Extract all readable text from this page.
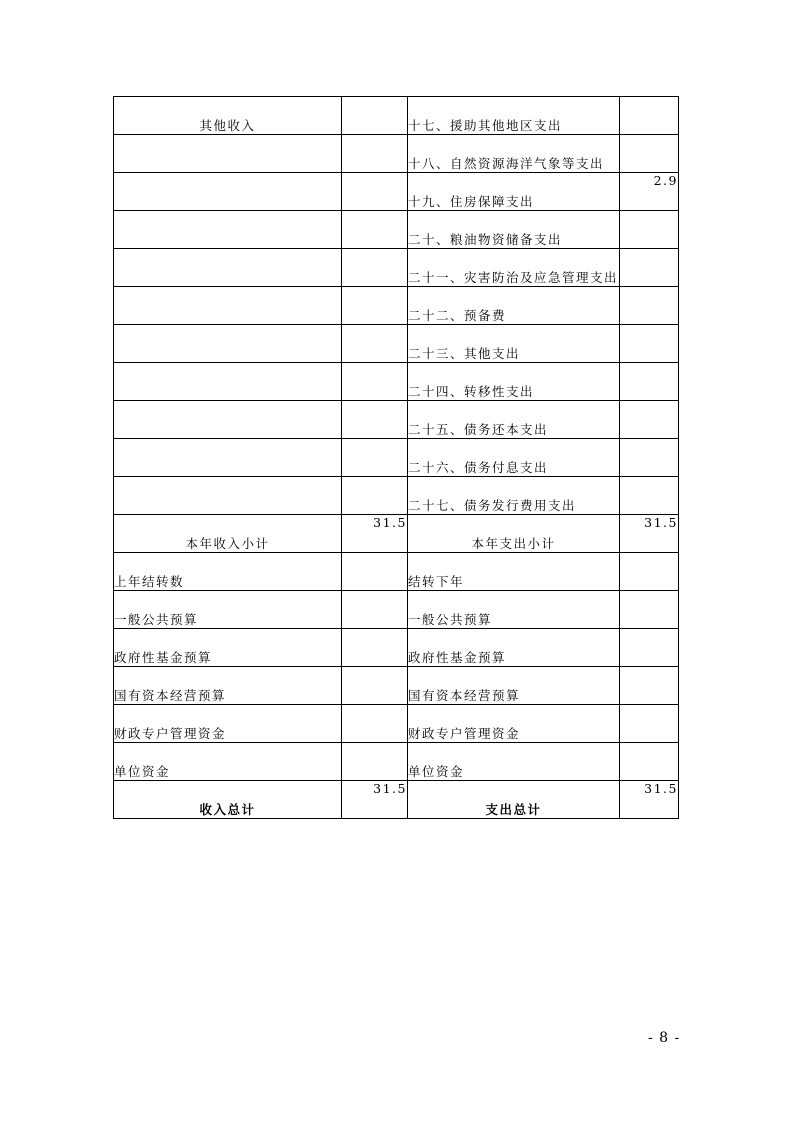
其他收入		十七、援助其他地区支出	
		十八、自然资源海洋气象等支出	
		十九、住房保障支出	2.9
		二十、粮油物资储备支出	
		二十一、灾害防治及应急管理支出	
		二十二、预备费	
		二十三、其他支出	
		二十四、转移性支出	
		二十五、债务还本支出	
		二十六、债务付息支出	
		二十七、债务发行费用支出	
本年收入小计	31.5	本年支出小计	31.5
上年结转数		结转下年	
一般公共预算		一般公共预算	
政府性基金预算		政府性基金预算	
国有资本经营预算		国有资本经营预算	
财政专户管理资金		财政专户管理资金	
单位资金		单位资金	
收入总计	31.5	支出总计	31.5
- 8 -
